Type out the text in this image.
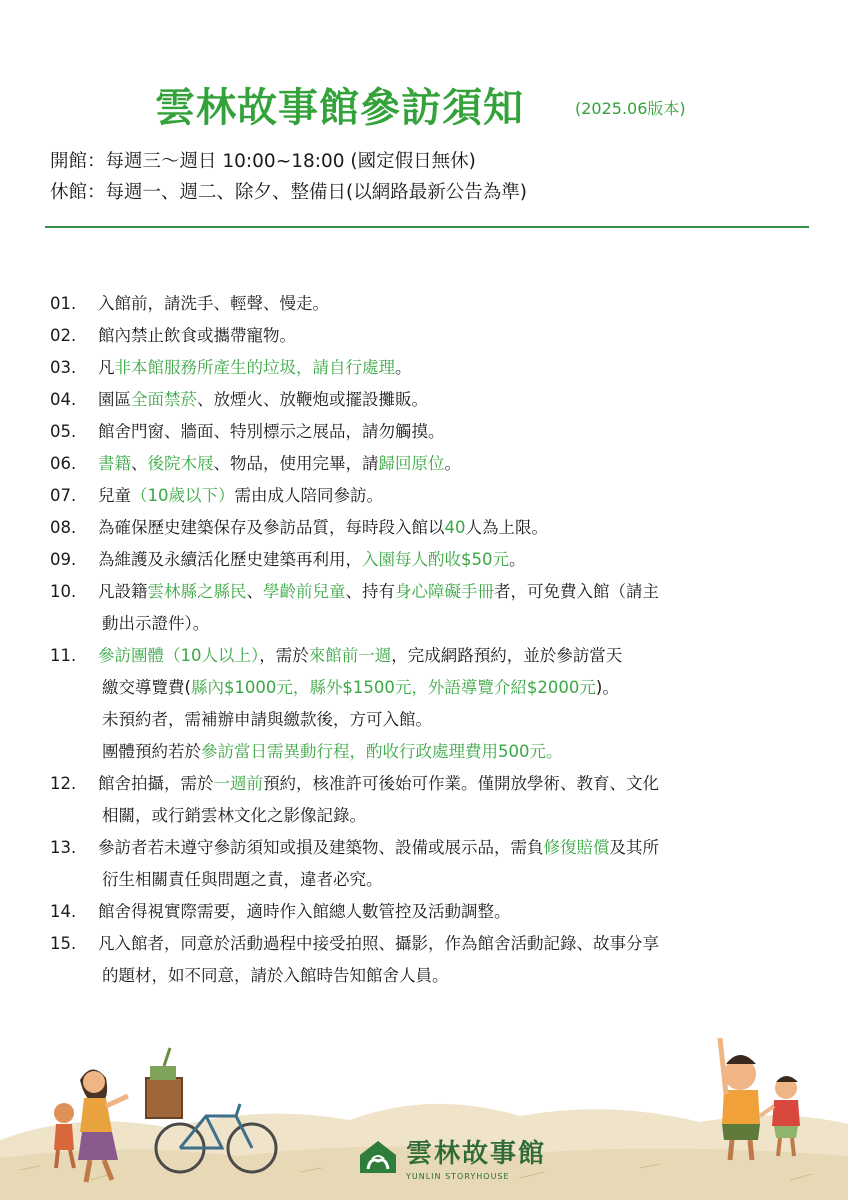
雲林故事館參訪須知	(2025.06版本)
開館：每週三～週日 10:00~18:00 (國定假日無休)
休館：每週一、週二、除夕、整備日(以網路最新公告為準)
01.	入館前，請洗手、輕聲、慢走。
02.	館內禁止飲食或攜帶寵物。
03.	凡非本館服務所產生的垃圾，請自行處理。
04.	園區全面禁菸、放煙火、放鞭炮或擺設攤販。
05.	館舍門窗、牆面、特別標示之展品，請勿觸摸。
06.	書籍、後院木屐、物品，使用完畢，請歸回原位。
07.	兒童（10歲以下）需由成人陪同參訪。
08.	為確保歷史建築保存及參訪品質，每時段入館以40人為上限。
09.	為維護及永續活化歷史建築再利用，入園每人酌收$50元。
10.	凡設籍雲林縣之縣民、學齡前兒童、持有身心障礙手冊者，可免費入館（請主
動出示證件）。
11.	參訪團體（10人以上），需於來館前一週，完成網路預約，並於參訪當天
繳交導覽費(縣內$1000元，縣外$1500元，外語導覽介紹$2000元)。
未預約者，需補辦申請與繳款後，方可入館。
團體預約若於參訪當日需異動行程，酌收行政處理費用500元。
12.	館舍拍攝，需於一週前預約，核准許可後始可作業。僅開放學術、教育、文化
相關，或行銷雲林文化之影像記錄。
13.	參訪者若未遵守參訪須知或損及建築物、設備或展示品，需負修復賠償及其所
衍生相關責任與問題之責，違者必究。
14.	館舍得視實際需要，適時作入館總人數管控及活動調整。
15.	凡入館者，同意於活動過程中接受拍照、攝影，作為館舍活動記錄、故事分享
的題材，如不同意，請於入館時告知館舍人員。
雲林故事館
YUNLIN STORYHOUSE
